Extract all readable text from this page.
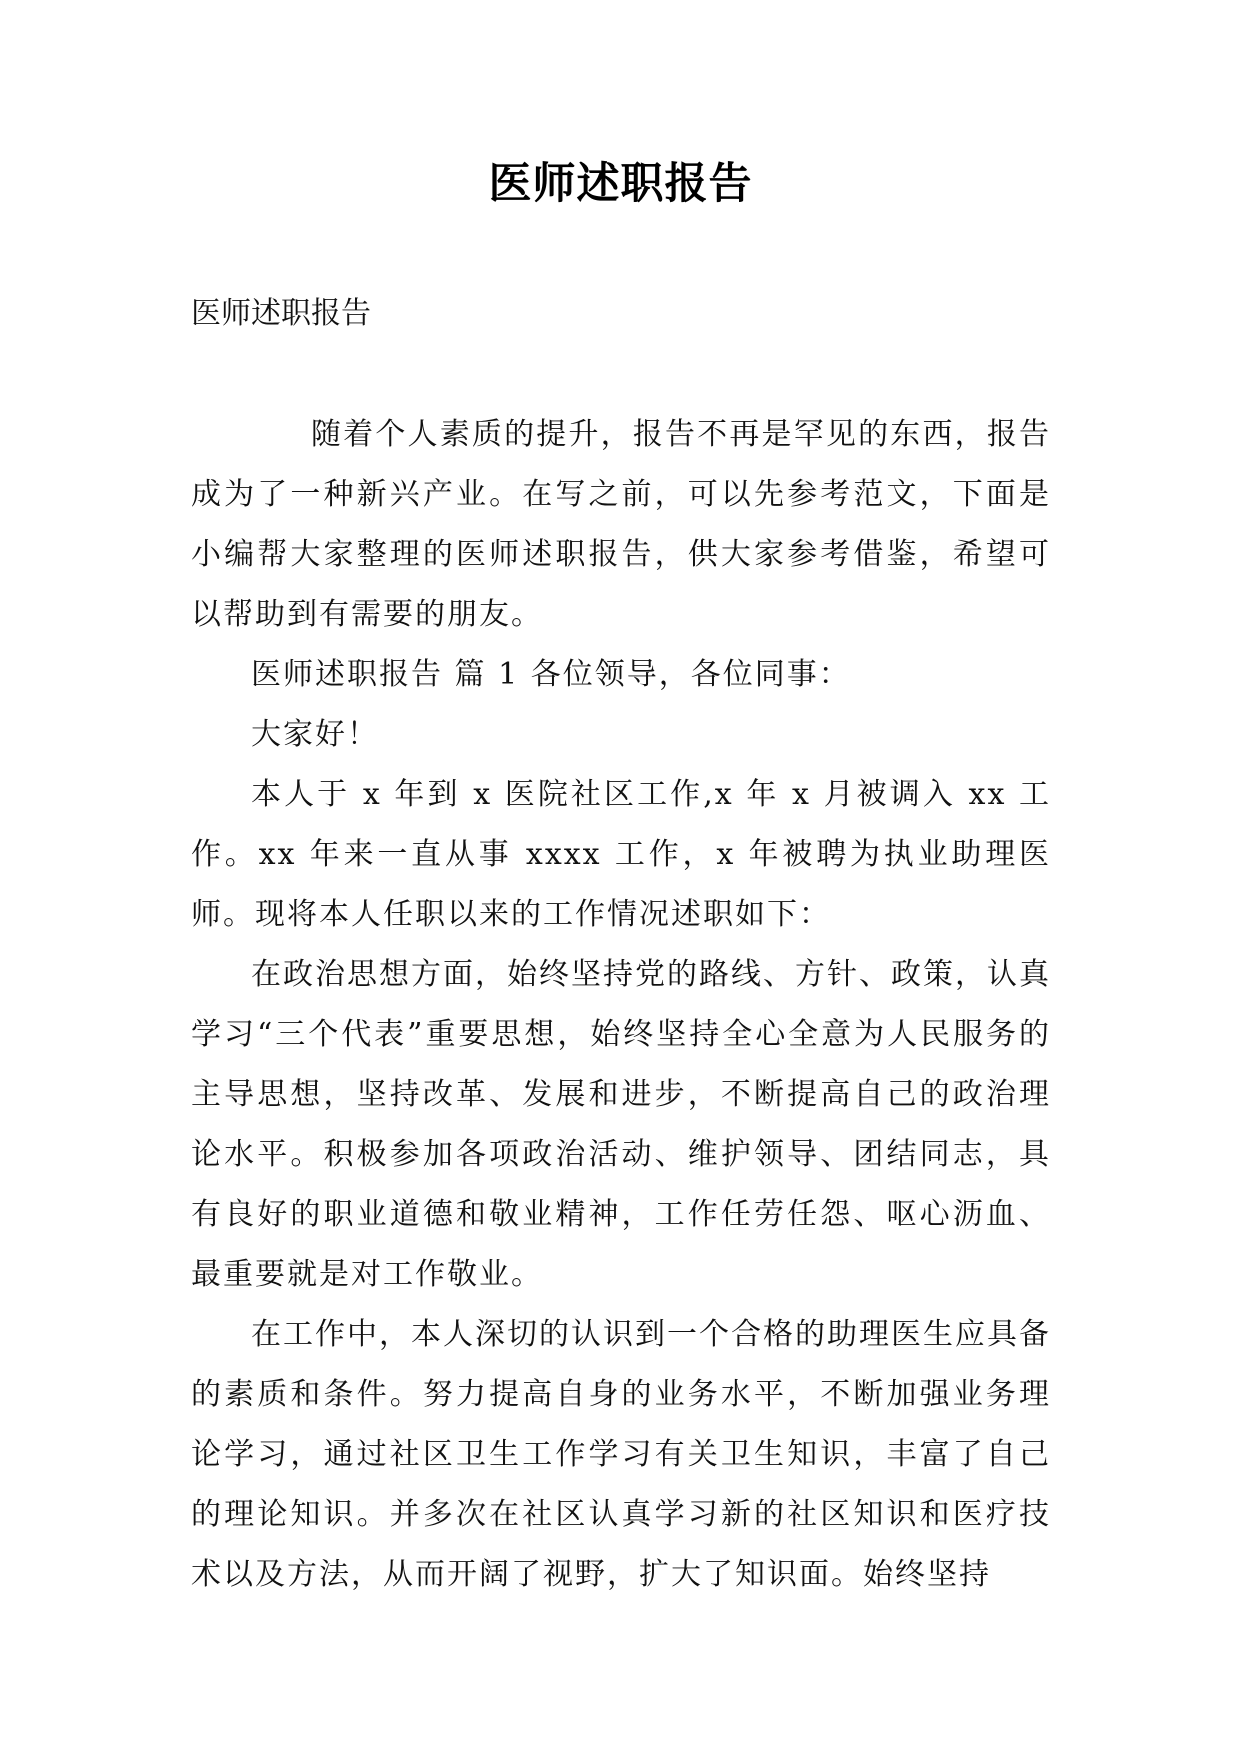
医师述职报告
医师述职报告

随着个人素质的提升，报告不再是罕见的东西，报告成为了一种新兴产业。在写之前，可以先参考范文，下面是小编帮大家整理的医师述职报告，供大家参考借鉴，希望可以帮助到有需要的朋友。

医师述职报告 篇 1 各位领导，各位同事：

大家好！

本人于 x 年到 x 医院社区工作,x 年 x 月被调入 xx 工作。xx 年来一直从事 xxxx 工作，x 年被聘为执业助理医师。现将本人任职以来的工作情况述职如下：

在政治思想方面，始终坚持党的路线、方针、政策，认真学习“三个代表”重要思想，始终坚持全心全意为人民服务的主导思想，坚持改革、发展和进步，不断提高自己的政治理论水平。积极参加各项政治活动、维护领导、团结同志，具有良好的职业道德和敬业精神，工作任劳任怨、呕心沥血、最重要就是对工作敬业。

在工作中，本人深切的认识到一个合格的助理医生应具备的素质和条件。努力提高自身的业务水平，不断加强业务理论学习，通过社区卫生工作学习有关卫生知识，丰富了自己的理论知识。并多次在社区认真学习新的社区知识和医疗技术以及方法，从而开阔了视野，扩大了知识面。始终坚持
